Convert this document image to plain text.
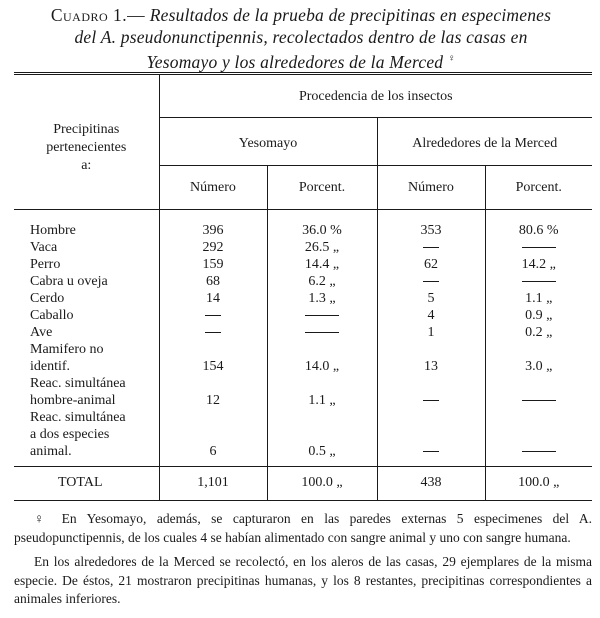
Cuadro 1.— Resultados de la prueba de precipitinas en especimenes
del A. pseudonunctipennis, recolectados dentro de las casas en
Yesomayo y los alrededores de la Merced ♀
Precipitinas
pertenecientes
a:	Procedencia de los insectos			
	Yesomayo		Alrededores de la Merced	
	Número	Porcent.	Número	Porcent.

Hombre	396	36.0 %	353	80.6 %

Vaca	292	26.5 „		

Perro	159	14.4 „	62	14.2 „

Cabra u oveja	68	6.2 „		

Cerdo	14	1.3 „	5	1.1 „

Caballo			4	0.9 „

Ave			1	0.2 „

Mamifero no
identif.	154	14.0 „	13	3.0 „

Reac. simultánea
hombre-animal	12	1.1 „		

Reac. simultánea
a dos especies
animal.	6	0.5 „		
TOTAL	1,101	100.0 „	438	100.0 „

♀ En Yesomayo, además, se capturaron en las paredes externas 5 especimenes del A. pseudopunctipennis, de los cuales 4 se habían alimentado con sangre animal y uno con sangre humana.

En los alrededores de la Merced se recolectó, en los aleros de las casas, 29 ejemplares de la misma especie. De éstos, 21 mostraron precipitinas humanas, y los 8 restantes, precipitinas correspondientes a animales inferiores.
